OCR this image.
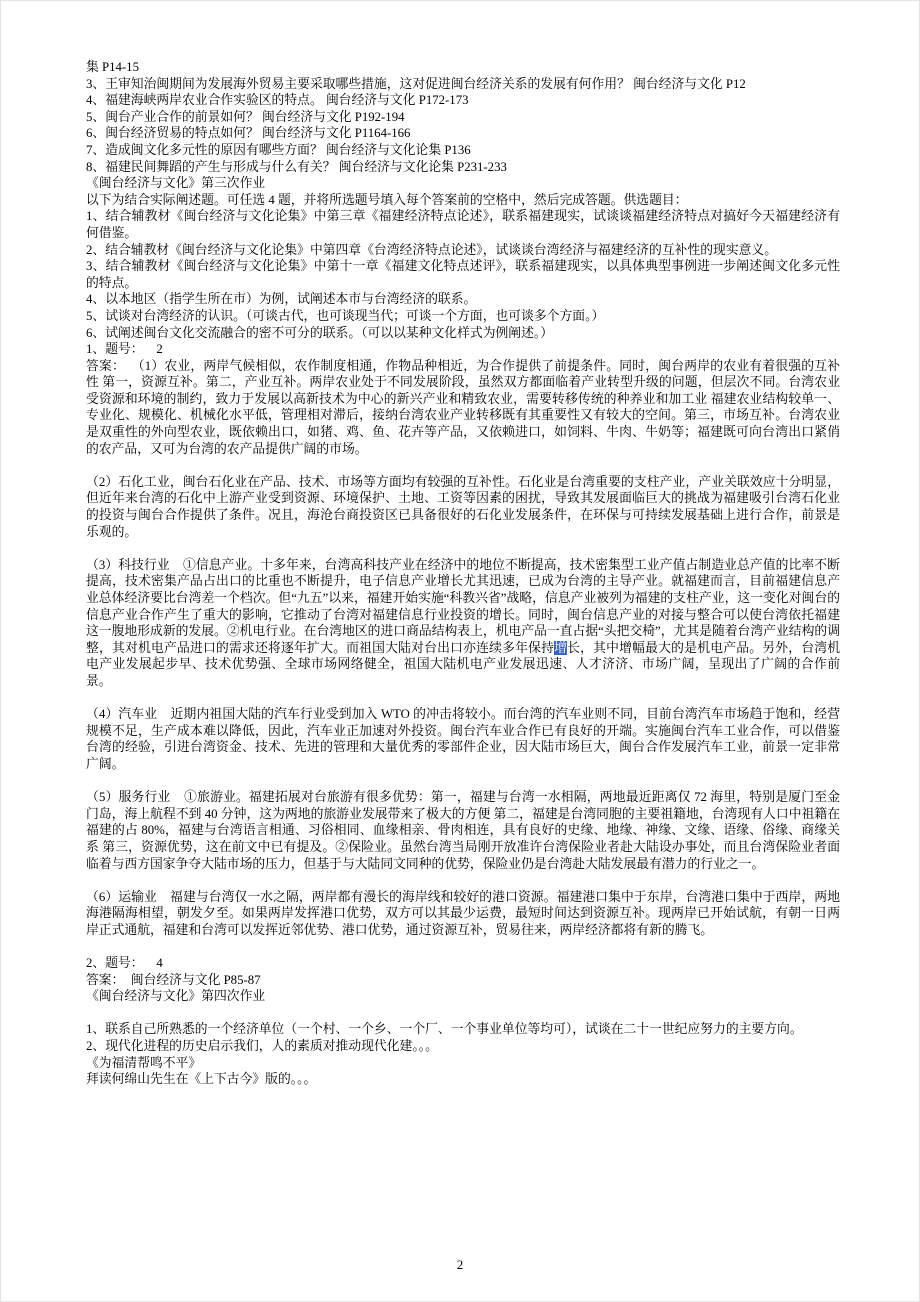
集 P14-15
3、王审知治闽期间为发展海外贸易主要采取哪些措施，这对促进闽台经济关系的发展有何作用？ 闽台经济与文化 P12
4、福建海峡两岸农业合作实验区的特点。 闽台经济与文化 P172-173
5、闽台产业合作的前景如何？ 闽台经济与文化 P192-194
6、闽台经济贸易的特点如何？ 闽台经济与文化 P1164-166
7、造成闽文化多元性的原因有哪些方面？ 闽台经济与文化论集 P136
8、福建民间舞蹈的产生与形成与什么有关？ 闽台经济与文化论集 P231-233
《闽台经济与文化》第三次作业
以下为结合实际阐述题。可任选 4 题，并将所选题号填入每个答案前的空格中，然后完成答题。供选题目：
1、结合辅教材《闽台经济与文化论集》中第三章《福建经济特点论述》，联系福建现实，试谈谈福建经济特点对搞好今天福建经济有何借鉴。
2、结合辅教材《闽台经济与文化论集》中第四章《台湾经济特点论述》，试谈谈台湾经济与福建经济的互补性的现实意义。
3、结合辅教材《闽台经济与文化论集》中第十一章《福建文化特点述评》，联系福建现实，以具体典型事例进一步阐述闽文化多元性的特点。
4、以本地区（指学生所在市）为例，试阐述本市与台湾经济的联系。
5、试谈对台湾经济的认识。（可谈古代，也可谈现当代；可谈一个方面，也可谈多个方面。）
6、试阐述闽台文化交流融合的密不可分的联系。（可以以某种文化样式为例阐述。）
1、题号：    2
答案：  （1）农业，两岸气候相似，农作制度相通，作物品种相近，为合作提供了前提条件。同时，闽台两岸的农业有着很强的互补性 第一，资源互补。第二，产业互补。两岸农业处于不同发展阶段，虽然双方都面临着产业转型升级的问题，但层次不同。台湾农业受资源和环境的制约，致力于发展以高新技术为中心的新兴产业和精致农业，需要转移传统的种养业和加工业 福建农业结构较单一、专业化、规模化、机械化水平低，管理相对滞后，接纳台湾农业产业转移既有其重要性又有较大的空间。第三，市场互补。台湾农业是双重性的外向型农业，既依赖出口，如猪、鸡、鱼、花卉等产品，又依赖进口，如饲料、牛肉、牛奶等；福建既可向台湾出口紧俏的农产品，又可为台湾的农产品提供广阔的市场。

（2）石化工业，闽台石化业在产品、技术、市场等方面均有较强的互补性。石化业是台湾重要的支柱产业，产业关联效应十分明显，但近年来台湾的石化中上游产业受到资源、环境保护、土地、工资等因素的困扰，导致其发展面临巨大的挑战为福建吸引台湾石化业的投资与闽台合作提供了条件。况且，海沧台商投资区已具备很好的石化业发展条件，在环保与可持续发展基础上进行合作，前景是乐观的。

（3）科技行业    ①信息产业。十多年来，台湾高科技产业在经济中的地位不断提高，技术密集型工业产值占制造业总产值的比率不断提高，技术密集产品占出口的比重也不断提升，电子信息产业增长尤其迅速，已成为台湾的主导产业。就福建而言，目前福建信息产业总体经济要比台湾差一个档次。但“九五”以来，福建开始实施“科教兴省”战略，信息产业被列为福建的支柱产业，这一变化对闽台的信息产业合作产生了重大的影响，它推动了台湾对福建信息行业投资的增长。同时，闽台信息产业的对接与整合可以使台湾依托福建这一腹地形成新的发展。②机电行业。在台湾地区的进口商品结构表上，机电产品一直占据“头把交椅”，尤其是随着台湾产业结构的调整，其对机电产品进口的需求还将逐年扩大。而祖国大陆对台出口亦连续多年保持增长，其中增幅最大的是机电产品。另外，台湾机电产业发展起步早、技术优势强、全球市场网络健全，祖国大陆机电产业发展迅速、人才济济、市场广阔，呈现出了广阔的合作前景。

（4）汽车业    近期内祖国大陆的汽车行业受到加入 WTO 的冲击将较小。而台湾的汽车业则不同，目前台湾汽车市场趋于饱和，经营规模不足，生产成本难以降低，因此，汽车业正加速对外投资。闽台汽车业合作已有良好的开端。实施闽台汽车工业合作，可以借鉴台湾的经验，引进台湾资金、技术、先进的管理和大量优秀的零部件企业，因大陆市场巨大，闽台合作发展汽车工业，前景一定非常广阔。

（5）服务行业    ①旅游业。福建拓展对台旅游有很多优势：第一，福建与台湾一水相隔，两地最近距离仅 72 海里，特别是厦门至金门岛，海上航程不到 40 分钟，这为两地的旅游业发展带来了极大的方便 第二，福建是台湾同胞的主要祖籍地，台湾现有人口中祖籍在福建的占 80%，福建与台湾语言相通、习俗相同、血缘相亲、骨肉相连，具有良好的史缘、地缘、神缘、文缘、语缘、俗缘、商缘关系 第三，资源优势，这在前文中已有提及。②保险业。虽然台湾当局刚开放准许台湾保险业者赴大陆设办事处，而且台湾保险业者面临着与西方国家争夺大陆市场的压力，但基于与大陆同文同种的优势，保险业仍是台湾赴大陆发展最有潜力的行业之一。

（6）运输业    福建与台湾仅一水之隔，两岸都有漫长的海岸线和较好的港口资源。福建港口集中于东岸，台湾港口集中于西岸，两地海港隔海相望，朝发夕至。如果两岸发挥港口优势，双方可以其最少运费，最短时间达到资源互补。现两岸已开始试航，有朝一日两岸正式通航，福建和台湾可以发挥近邻优势、港口优势，通过资源互补，贸易往来，两岸经济都将有新的腾飞。

2、题号：    4
答案：  闽台经济与文化 P85-87
《闽台经济与文化》第四次作业

1、联系自己所熟悉的一个经济单位（一个村、一个乡、一个厂、一个事业单位等均可），试谈在二十一世纪应努力的主要方向。
2、现代化进程的历史启示我们，人的素质对推动现代化建。。。
《为福清帮鸣不平》
拜读何绵山先生在《上下古今》版的。。。
2
